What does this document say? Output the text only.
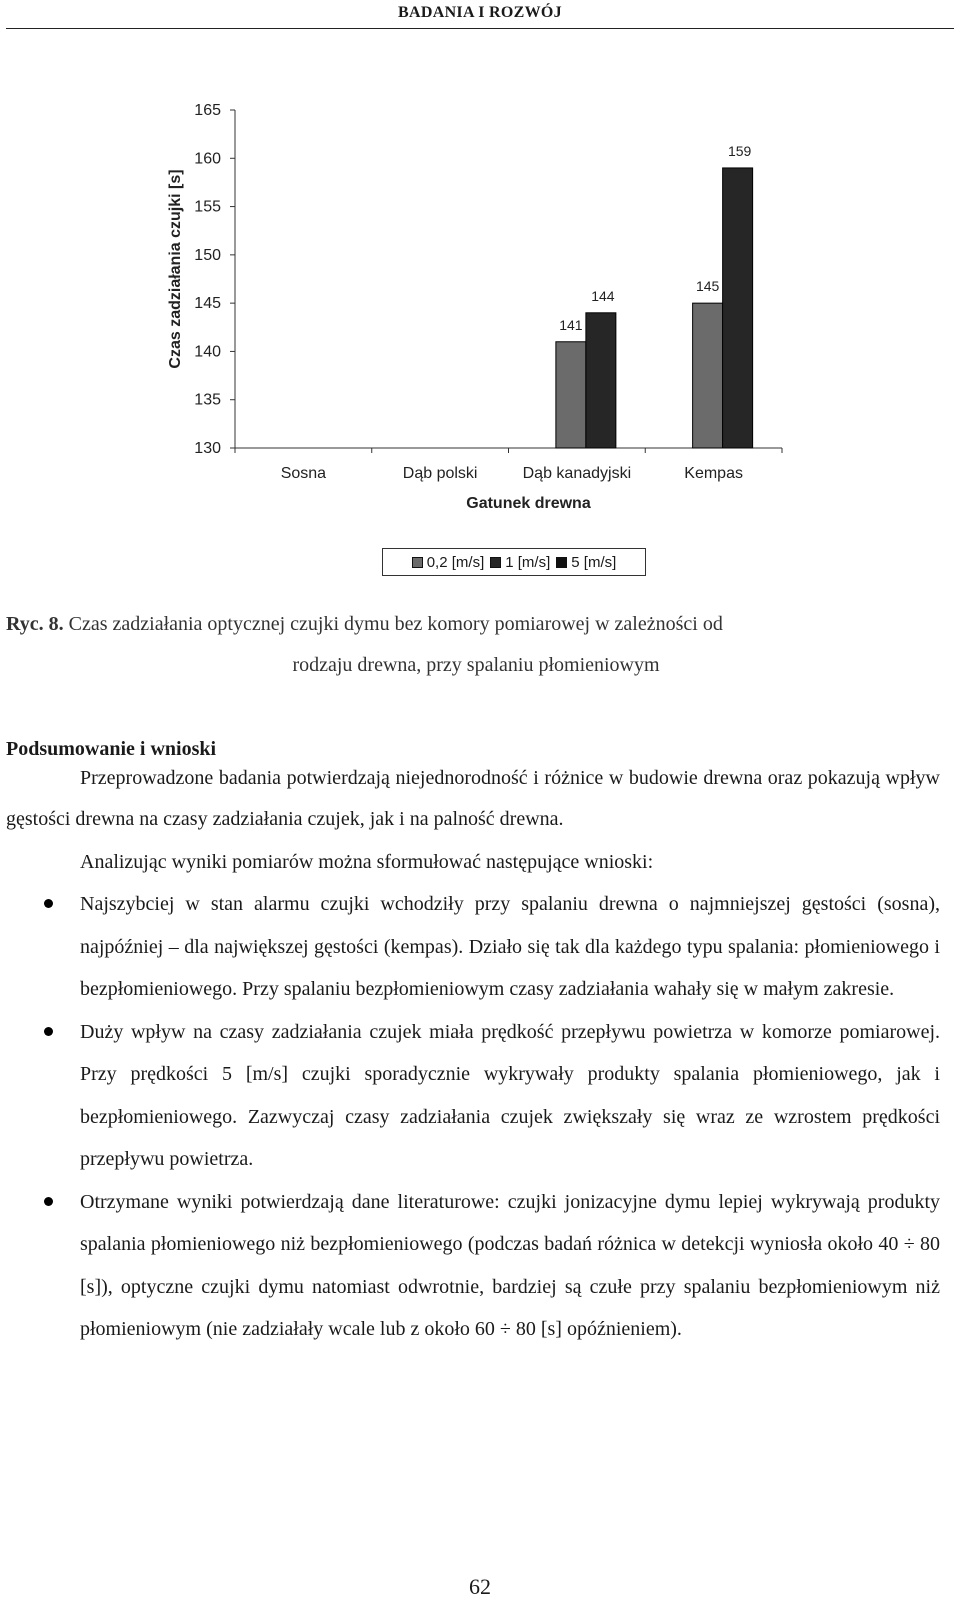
BADANIA I ROZWÓJ
130
135
140
145
150
155
160
165
Sosna	Dąb polski	Dąb kanadyjski	Kempas
Gatunek drewna
Czas zadziałania czujki [s]	141
144
145
159
0,2 [m/s] 1 [m/s] 5 [m/s]
Ryc. 8. Czas zadziałania optycznej czujki dymu bez komory pomiarowej w zależności od
rodzaju drewna, przy spalaniu płomieniowym
Podsumowanie i wnioski

Przeprowadzone badania potwierdzają niejednorodność i różnice w budowie drewna oraz pokazują wpływ gęstości drewna na czasy zadziałania czujek, jak i na palność drewna.

Analizując wyniki pomiarów można sformułować następujące wnioski:

Najszybciej w stan alarmu czujki wchodziły przy spalaniu drewna o najmniejszej gęstości (sosna), najpóźniej – dla największej gęstości (kempas). Działo się tak dla każdego typu spalania: płomieniowego i bezpłomieniowego. Przy spalaniu bezpłomieniowym czasy zadziałania wahały się w małym zakresie.
Duży wpływ na czasy zadziałania czujek miała prędkość przepływu powietrza w komorze pomiarowej. Przy prędkości 5 [m/s] czujki sporadycznie wykrywały produkty spalania płomieniowego, jak i bezpłomieniowego. Zazwyczaj czasy zadziałania czujek zwiększały się wraz ze wzrostem prędkości przepływu powietrza.
Otrzymane wyniki potwierdzają dane literaturowe: czujki jonizacyjne dymu lepiej wykrywają produkty spalania płomieniowego niż bezpłomieniowego (podczas badań różnica w detekcji wyniosła około 40 ÷ 80 [s]), optyczne czujki dymu natomiast odwrotnie, bardziej są czułe przy spalaniu bezpłomieniowym niż płomieniowym (nie zadziałały wcale lub z około 60 ÷ 80 [s] opóźnieniem).
62
